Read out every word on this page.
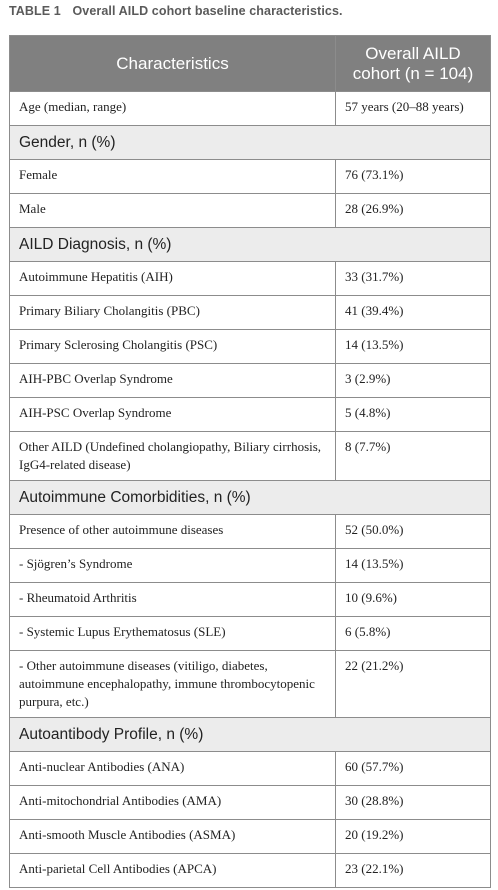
TABLE 1 Overall AILD cohort baseline characteristics.
Characteristics	Overall AILD
cohort (n = 104)
Age (median, range)	57 years (20–88 years)
Gender, n (%)	
Female	76 (73.1%)
Male	28 (26.9%)
AILD Diagnosis, n (%)	
Autoimmune Hepatitis (AIH)	33 (31.7%)
Primary Biliary Cholangitis (PBC)	41 (39.4%)
Primary Sclerosing Cholangitis (PSC)	14 (13.5%)
AIH-PBC Overlap Syndrome	3 (2.9%)
AIH-PSC Overlap Syndrome	5 (4.8%)
Other AILD (Undefined cholangiopathy, Biliary cirrhosis, IgG4-related disease)	8 (7.7%)
Autoimmune Comorbidities, n (%)	
Presence of other autoimmune diseases	52 (50.0%)
- Sjögren’s Syndrome	14 (13.5%)
- Rheumatoid Arthritis	10 (9.6%)
- Systemic Lupus Erythematosus (SLE)	6 (5.8%)
- Other autoimmune diseases (vitiligo, diabetes, autoimmune encephalopathy, immune thrombocytopenic purpura, etc.)	22 (21.2%)
Autoantibody Profile, n (%)	
Anti-nuclear Antibodies (ANA)	60 (57.7%)
Anti-mitochondrial Antibodies (AMA)	30 (28.8%)
Anti-smooth Muscle Antibodies (ASMA)	20 (19.2%)
Anti-parietal Cell Antibodies (APCA)	23 (22.1%)
